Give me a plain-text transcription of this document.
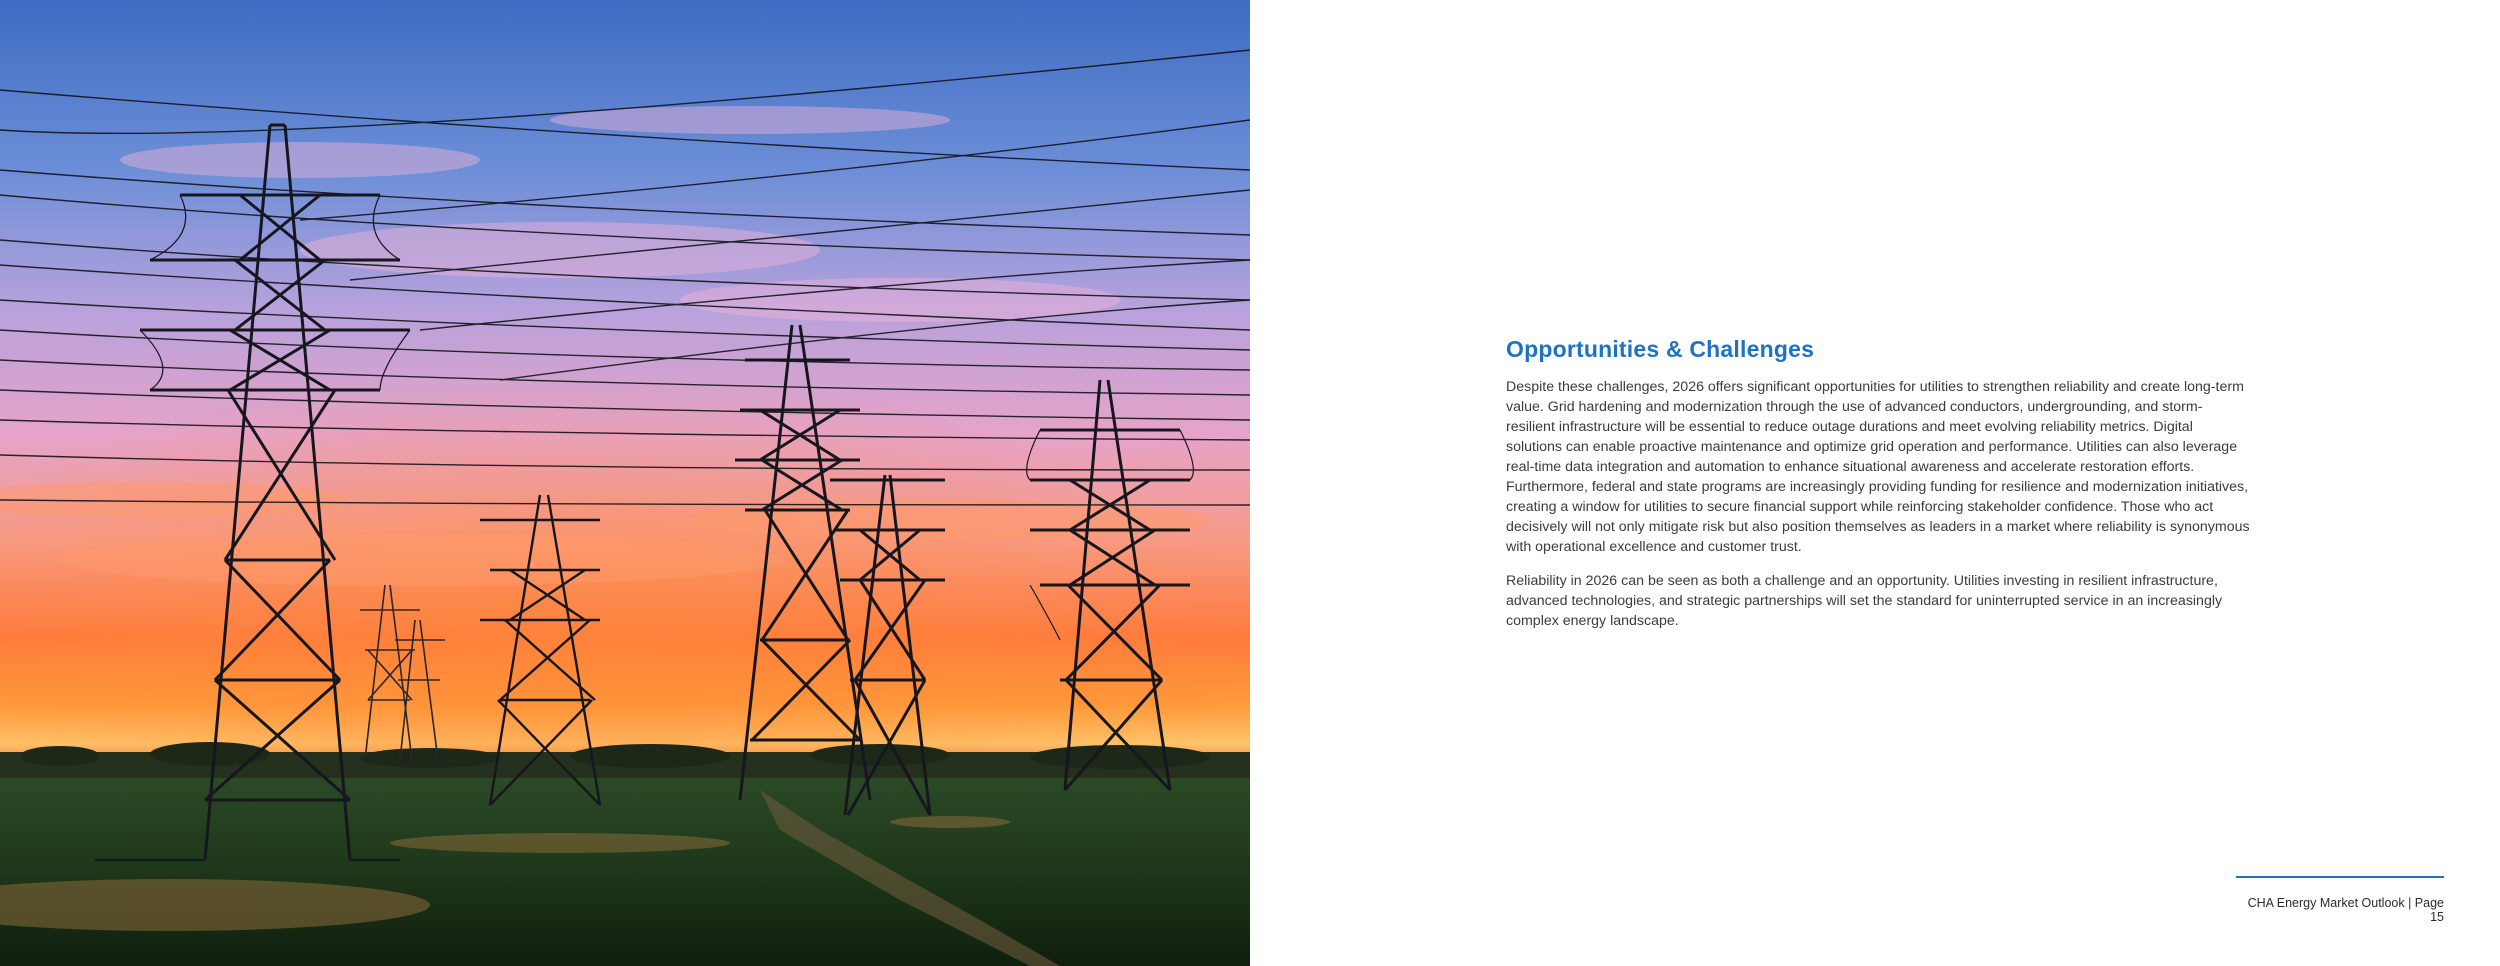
Opportunities & Challenges

Despite these challenges, 2026 offers significant opportunities for utilities to strengthen reliability and create long-term value. Grid hardening and modernization through the use of advanced conductors, undergrounding, and storm-resilient infrastructure will be essential to reduce outage durations and meet evolving reliability metrics. Digital solutions can enable proactive maintenance and optimize grid operation and performance. Utilities can also leverage real-time data integration and automation to enhance situational awareness and accelerate restoration efforts. Furthermore, federal and state programs are increasingly providing funding for resilience and modernization initiatives, creating a window for utilities to secure financial support while reinforcing stakeholder confidence. Those who act decisively will not only mitigate risk but also position themselves as leaders in a market where reliability is synonymous with operational excellence and customer trust.

Reliability in 2026 can be seen as both a challenge and an opportunity. Utilities investing in resilient infrastructure, advanced technologies, and strategic partnerships will set the standard for uninterrupted service in an increasingly complex energy landscape.

CHA Energy Market Outlook | Page 15
